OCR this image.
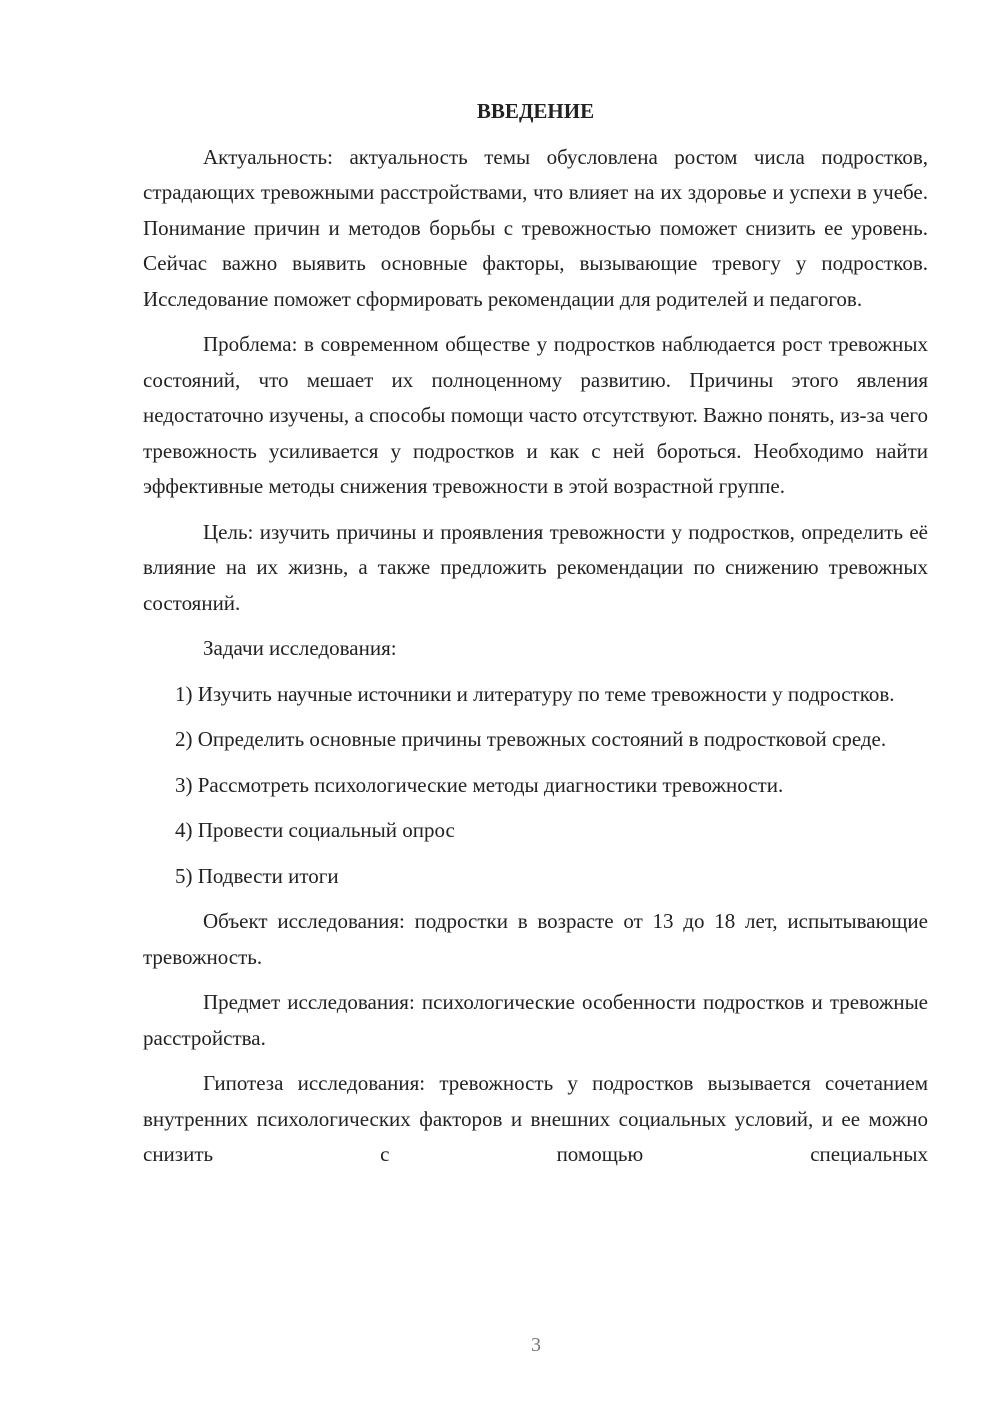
ВВЕДЕНИЕ

Актуальность: актуальность темы обусловлена ростом числа подростков, страдающих тревожными расстройствами, что влияет на их здоровье и успехи в учебе. Понимание причин и методов борьбы с тревожностью поможет снизить ее уровень. Сейчас важно выявить основные факторы, вызывающие тревогу у подростков. Исследование поможет сформировать рекомендации для родителей и педагогов.

Проблема: в современном обществе у подростков наблюдается рост тревожных состояний, что мешает их полноценному развитию. Причины этого явления недостаточно изучены, а способы помощи часто отсутствуют. Важно понять, из-за чего тревожность усиливается у подростков и как с ней бороться. Необходимо найти эффективные методы снижения тревожности в этой возрастной группе.

Цель: изучить причины и проявления тревожности у подростков, определить её влияние на их жизнь, а также предложить рекомендации по снижению тревожных состояний.

Задачи исследования:

1) Изучить научные источники и литературу по теме тревожности у подростков.

2) Определить основные причины тревожных состояний в подростковой среде.

3) Рассмотреть психологические методы диагностики тревожности.

4) Провести социальный опрос

5) Подвести итоги

Объект исследования: подростки в возрасте от 13 до 18 лет, испытывающие тревожность.

Предмет исследования: психологические особенности подростков и тревожные расстройства.

Гипотеза исследования: тревожность у подростков вызывается сочетанием внутренних психологических факторов и внешних социальных условий, и ее можно снизить с помощью специальных

3
